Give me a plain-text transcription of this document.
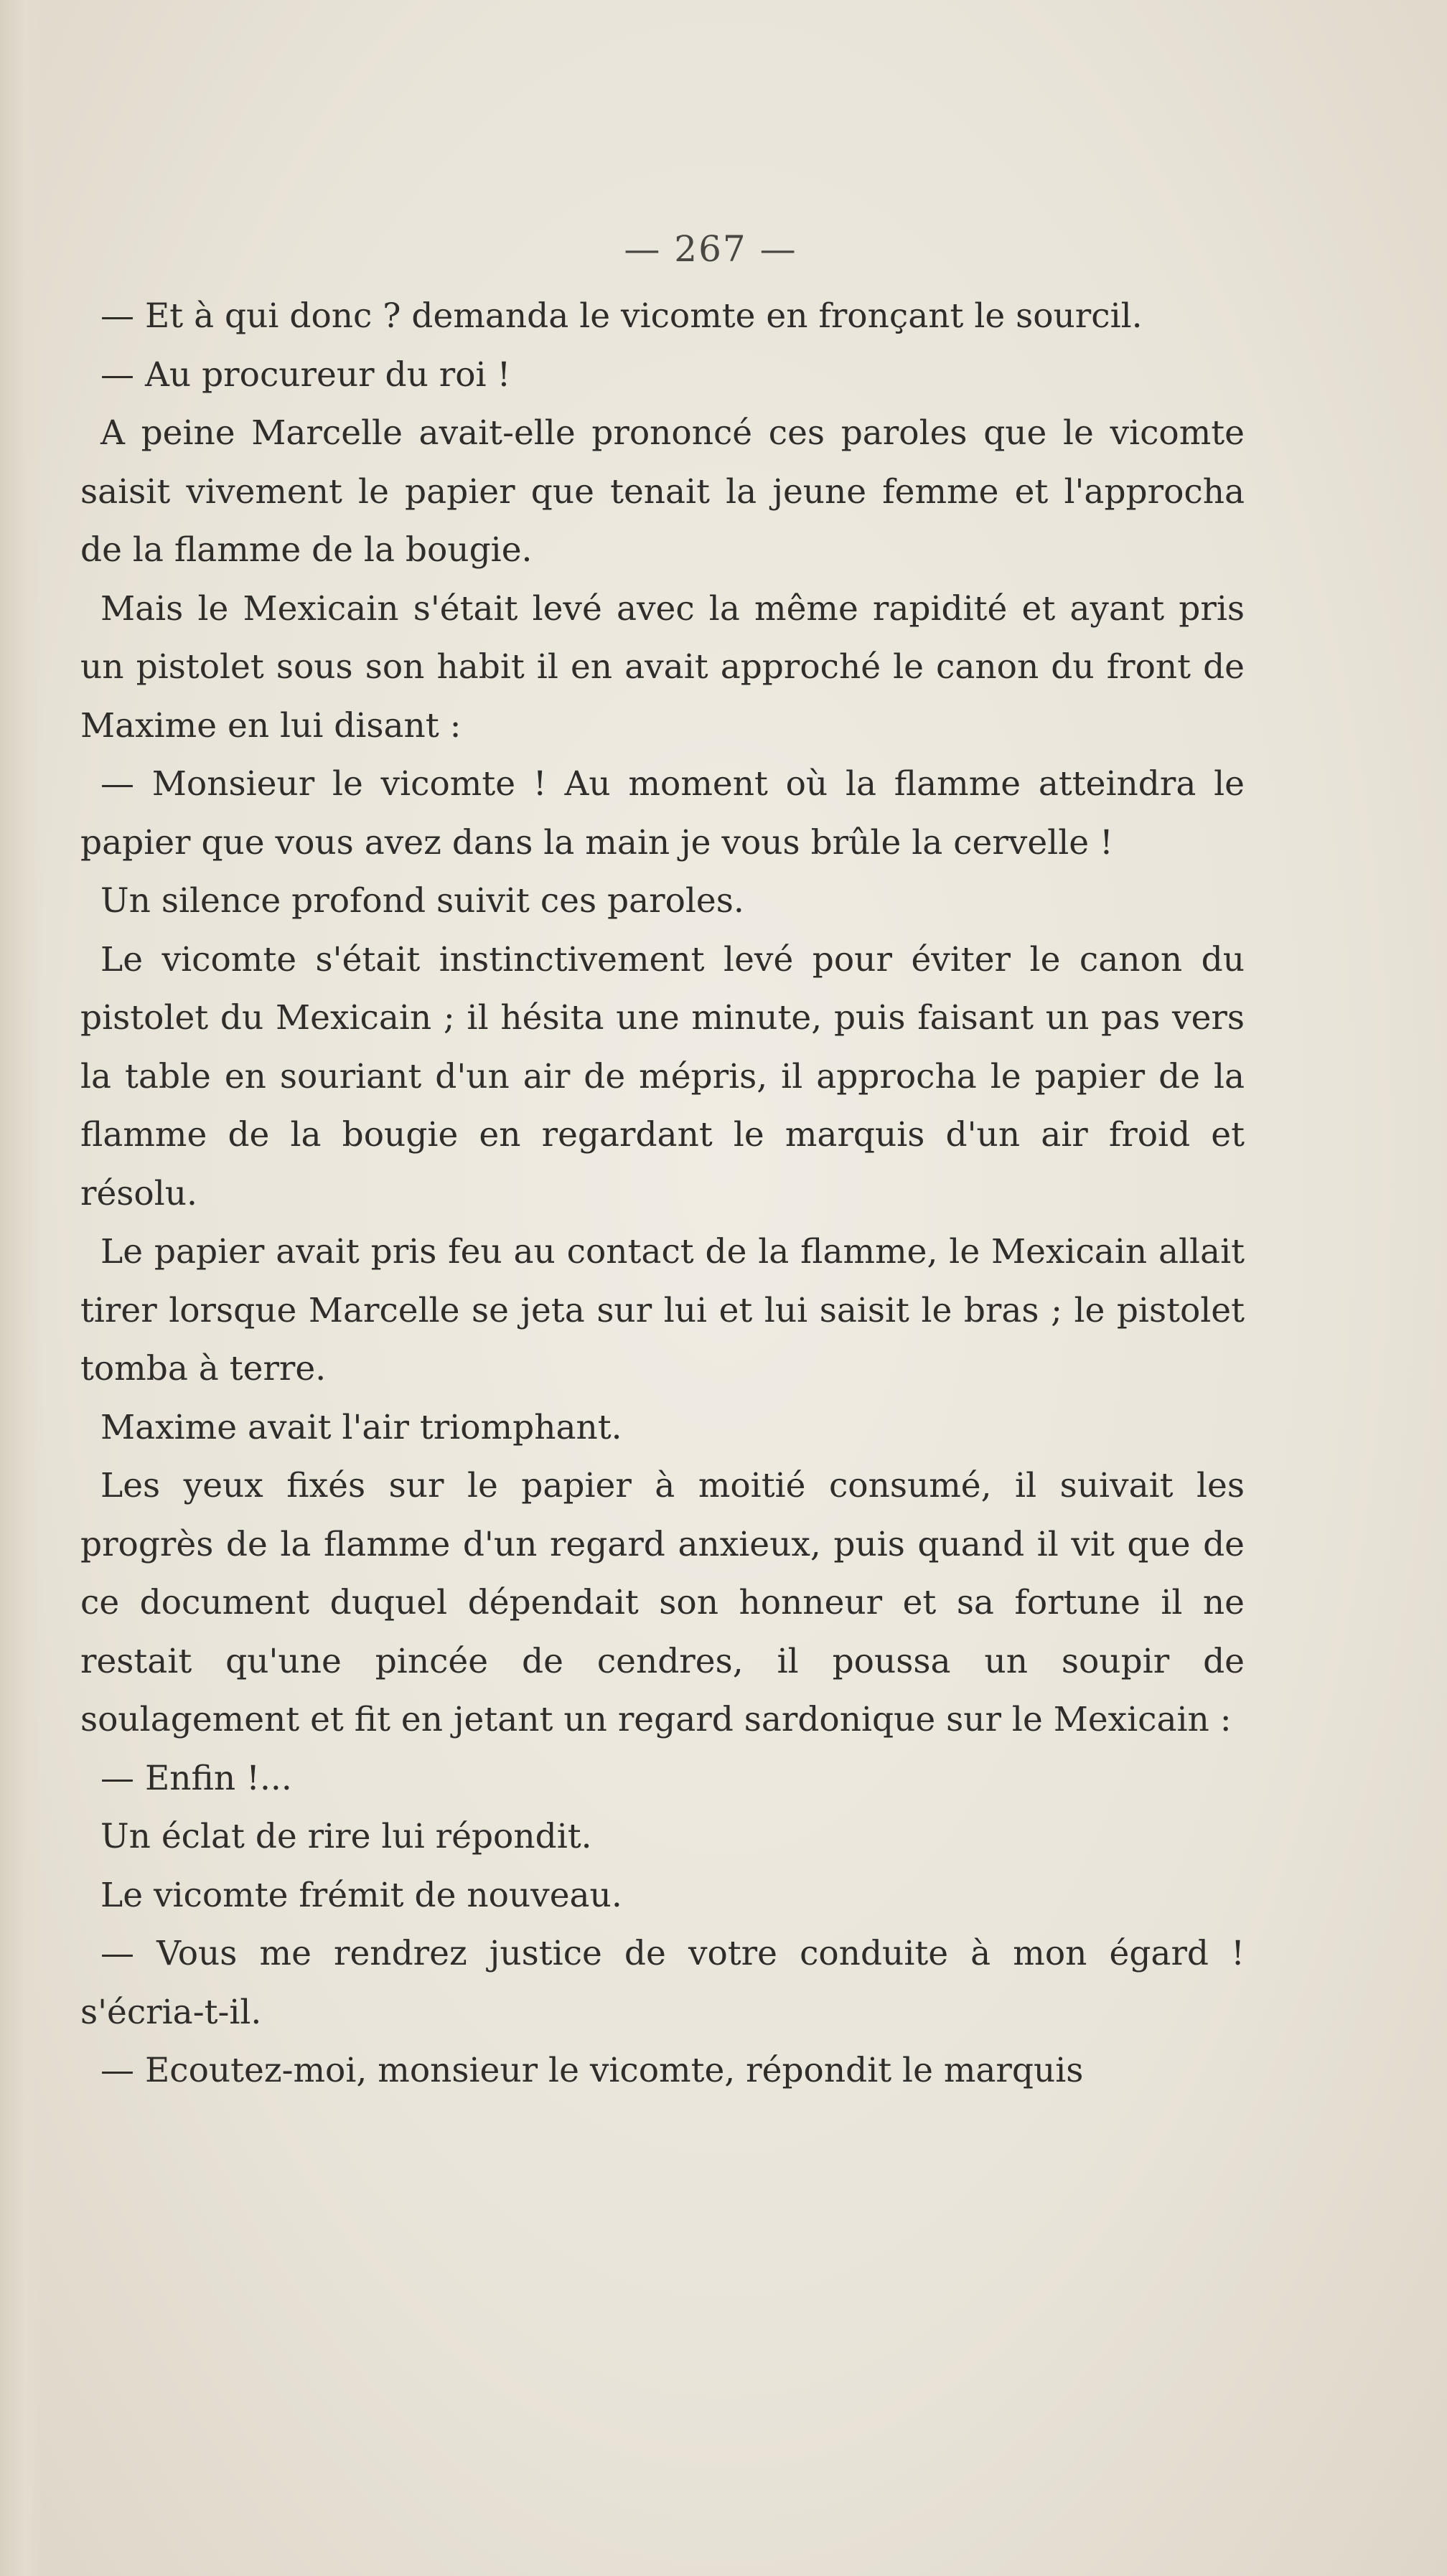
— 267 —

— Et à qui donc ? demanda le vicomte en fronçant le sourcil.

— Au procureur du roi !

A peine Marcelle avait-elle prononcé ces paroles que le vicomte saisit vivement le papier que tenait la jeune femme et l'approcha de la flamme de la bougie.

Mais le Mexicain s'était levé avec la même rapidité et ayant pris un pistolet sous son habit il en avait approché le canon du front de Maxime en lui disant :

— Monsieur le vicomte ! Au moment où la flamme atteindra le papier que vous avez dans la main je vous brûle la cervelle !

Un silence profond suivit ces paroles.

Le vicomte s'était instinctivement levé pour éviter le canon du pistolet du Mexicain ; il hésita une minute, puis faisant un pas vers la table en souriant d'un air de mépris, il approcha le papier de la flamme de la bougie en regardant le marquis d'un air froid et résolu.

Le papier avait pris feu au contact de la flamme, le Mexicain allait tirer lorsque Marcelle se jeta sur lui et lui saisit le bras ; le pistolet tomba à terre.

Maxime avait l'air triomphant.

Les yeux fixés sur le papier à moitié consumé, il suivait les progrès de la flamme d'un regard anxieux, puis quand il vit que de ce document duquel dépendait son honneur et sa fortune il ne restait qu'une pincée de cendres, il poussa un soupir de soulagement et fit en jetant un regard sardonique sur le Mexicain :

— Enfin !...

Un éclat de rire lui répondit.

Le vicomte frémit de nouveau.

— Vous me rendrez justice de votre conduite à mon égard ! s'écria-t-il.

— Ecoutez-moi, monsieur le vicomte, répondit le marquis
